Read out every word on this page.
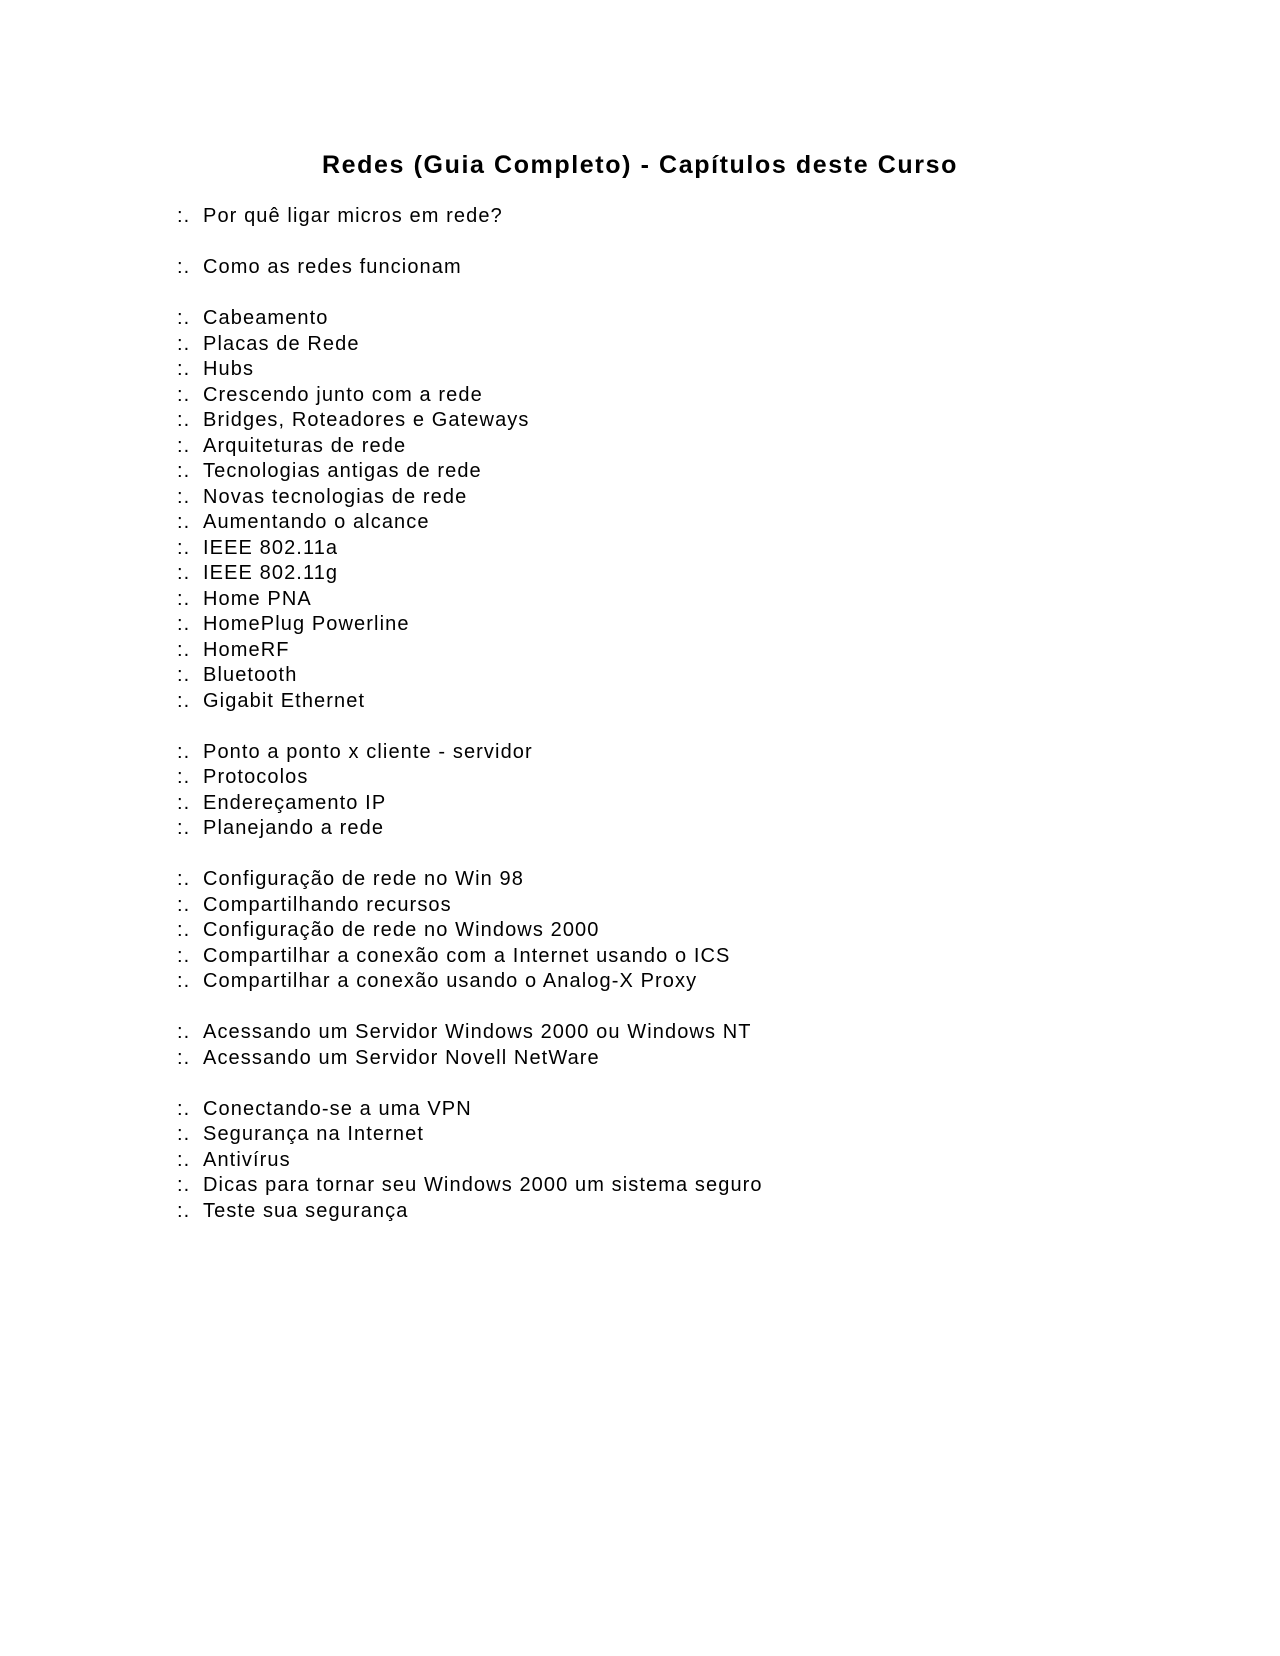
Redes (Guia Completo) - Capítulos deste Curso
:. Por quê ligar micros em rede?
:. Como as redes funcionam
:. Cabeamento
:. Placas de Rede
:. Hubs
:. Crescendo junto com a rede
:. Bridges, Roteadores e Gateways
:. Arquiteturas de rede
:. Tecnologias antigas de rede
:. Novas tecnologias de rede
:. Aumentando o alcance
:. IEEE 802.11a
:. IEEE 802.11g
:. Home PNA
:. HomePlug Powerline
:. HomeRF
:. Bluetooth
:. Gigabit Ethernet
:. Ponto a ponto x cliente - servidor
:. Protocolos
:. Endereçamento IP
:. Planejando a rede
:. Configuração de rede no Win 98
:. Compartilhando recursos
:. Configuração de rede no Windows 2000
:. Compartilhar a conexão com a Internet usando o ICS
:. Compartilhar a conexão usando o Analog-X Proxy
:. Acessando um Servidor Windows 2000 ou Windows NT
:. Acessando um Servidor Novell NetWare
:. Conectando-se a uma VPN
:. Segurança na Internet
:. Antivírus
:. Dicas para tornar seu Windows 2000 um sistema seguro
:. Teste sua segurança
